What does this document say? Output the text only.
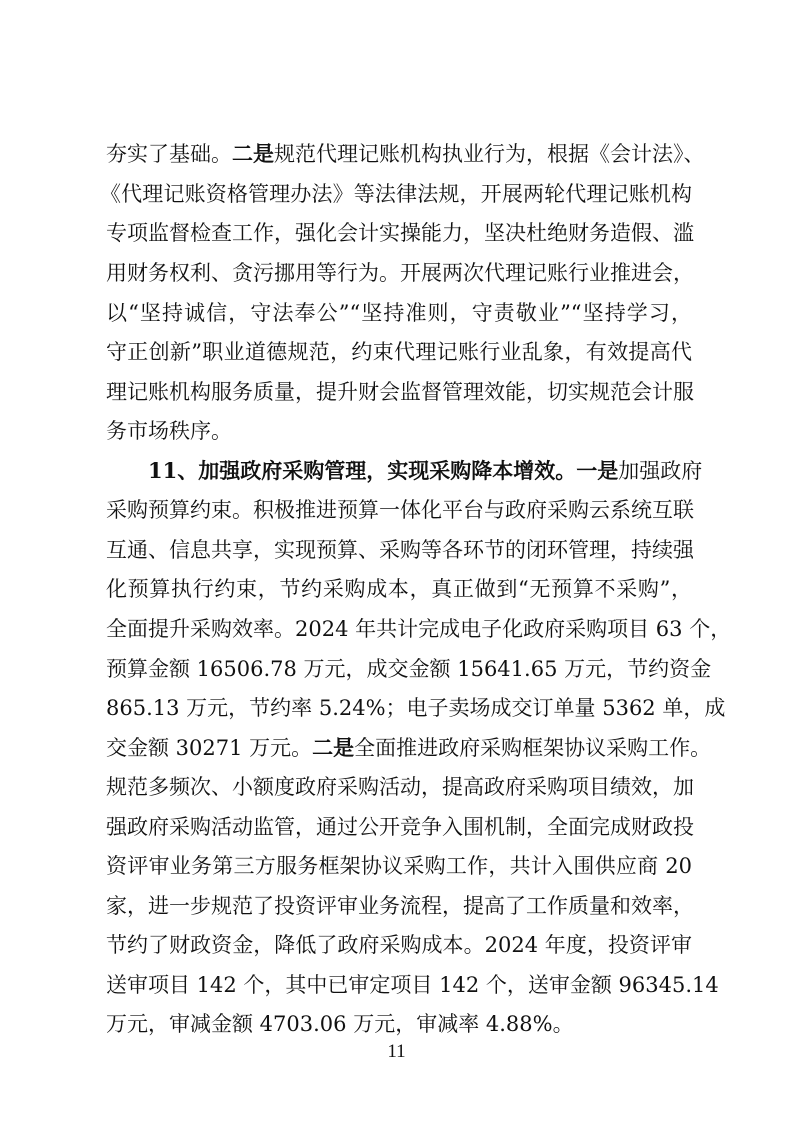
夯实了基础。二是规范代理记账机构执业行为，根据《会计法》、
《代理记账资格管理办法》等法律法规，开展两轮代理记账机构
专项监督检查工作，强化会计实操能力，坚决杜绝财务造假、滥
用财务权利、贪污挪用等行为。开展两次代理记账行业推进会，
以“坚持诚信，守法奉公”“坚持准则，守责敬业”“坚持学习，
守正创新”职业道德规范，约束代理记账行业乱象，有效提高代
理记账机构服务质量，提升财会监督管理效能，切实规范会计服
务市场秩序。
11、加强政府采购管理，实现采购降本增效。一是加强政府
采购预算约束。积极推进预算一体化平台与政府采购云系统互联
互通、信息共享，实现预算、采购等各环节的闭环管理，持续强
化预算执行约束，节约采购成本，真正做到“无预算不采购”，
全面提升采购效率。2024 年共计完成电子化政府采购项目 63 个，
预算金额 16506.78 万元，成交金额 15641.65 万元，节约资金
865.13 万元，节约率 5.24%；电子卖场成交订单量 5362 单，成
交金额 30271 万元。二是全面推进政府采购框架协议采购工作。
规范多频次、小额度政府采购活动，提高政府采购项目绩效，加
强政府采购活动监管，通过公开竞争入围机制，全面完成财政投
资评审业务第三方服务框架协议采购工作，共计入围供应商 20
家，进一步规范了投资评审业务流程，提高了工作质量和效率，
节约了财政资金，降低了政府采购成本。2024 年度，投资评审
送审项目 142 个，其中已审定项目 142 个，送审金额 96345.14
万元，审减金额 4703.06 万元，审减率 4.88%。
11
